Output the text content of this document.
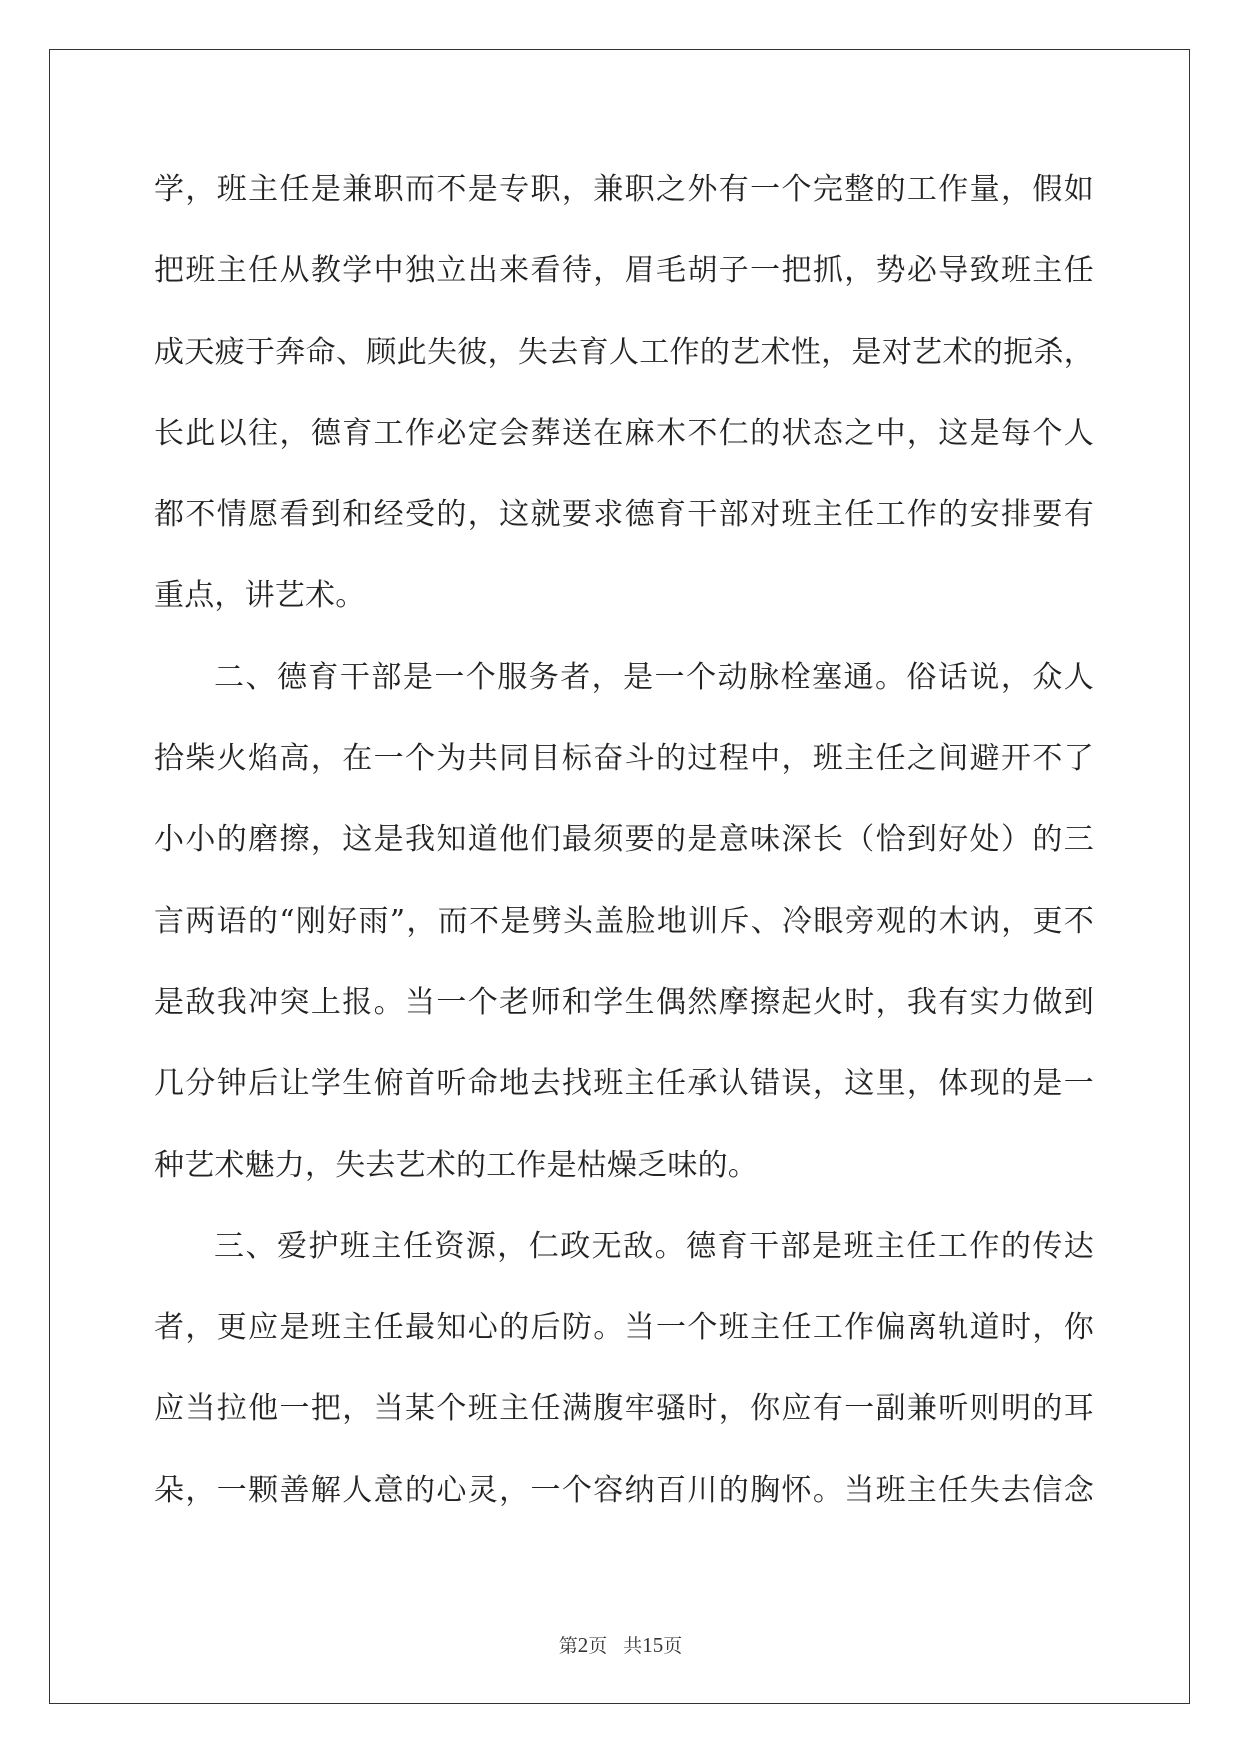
学，班主任是兼职而不是专职，兼职之外有一个完整的工作量，假如
把班主任从教学中独立出来看待，眉毛胡子一把抓，势必导致班主任
成天疲于奔命、顾此失彼，失去育人工作的艺术性，是对艺术的扼杀，
长此以往，德育工作必定会葬送在麻木不仁的状态之中，这是每个人
都不情愿看到和经受的，这就要求德育干部对班主任工作的安排要有
重点，讲艺术。
二、德育干部是一个服务者，是一个动脉栓塞通。俗话说，众人
拾柴火焰高，在一个为共同目标奋斗的过程中，班主任之间避开不了
小小的磨擦，这是我知道他们最须要的是意味深长（恰到好处）的三
言两语的“刚好雨”，而不是劈头盖脸地训斥、冷眼旁观的木讷，更不
是敌我冲突上报。当一个老师和学生偶然摩擦起火时，我有实力做到
几分钟后让学生俯首听命地去找班主任承认错误，这里，体现的是一
种艺术魅力，失去艺术的工作是枯燥乏味的。
三、爱护班主任资源，仁政无敌。德育干部是班主任工作的传达
者，更应是班主任最知心的后防。当一个班主任工作偏离轨道时，你
应当拉他一把，当某个班主任满腹牢骚时，你应有一副兼听则明的耳
朵，一颗善解人意的心灵，一个容纳百川的胸怀。当班主任失去信念
第2页 共15页
